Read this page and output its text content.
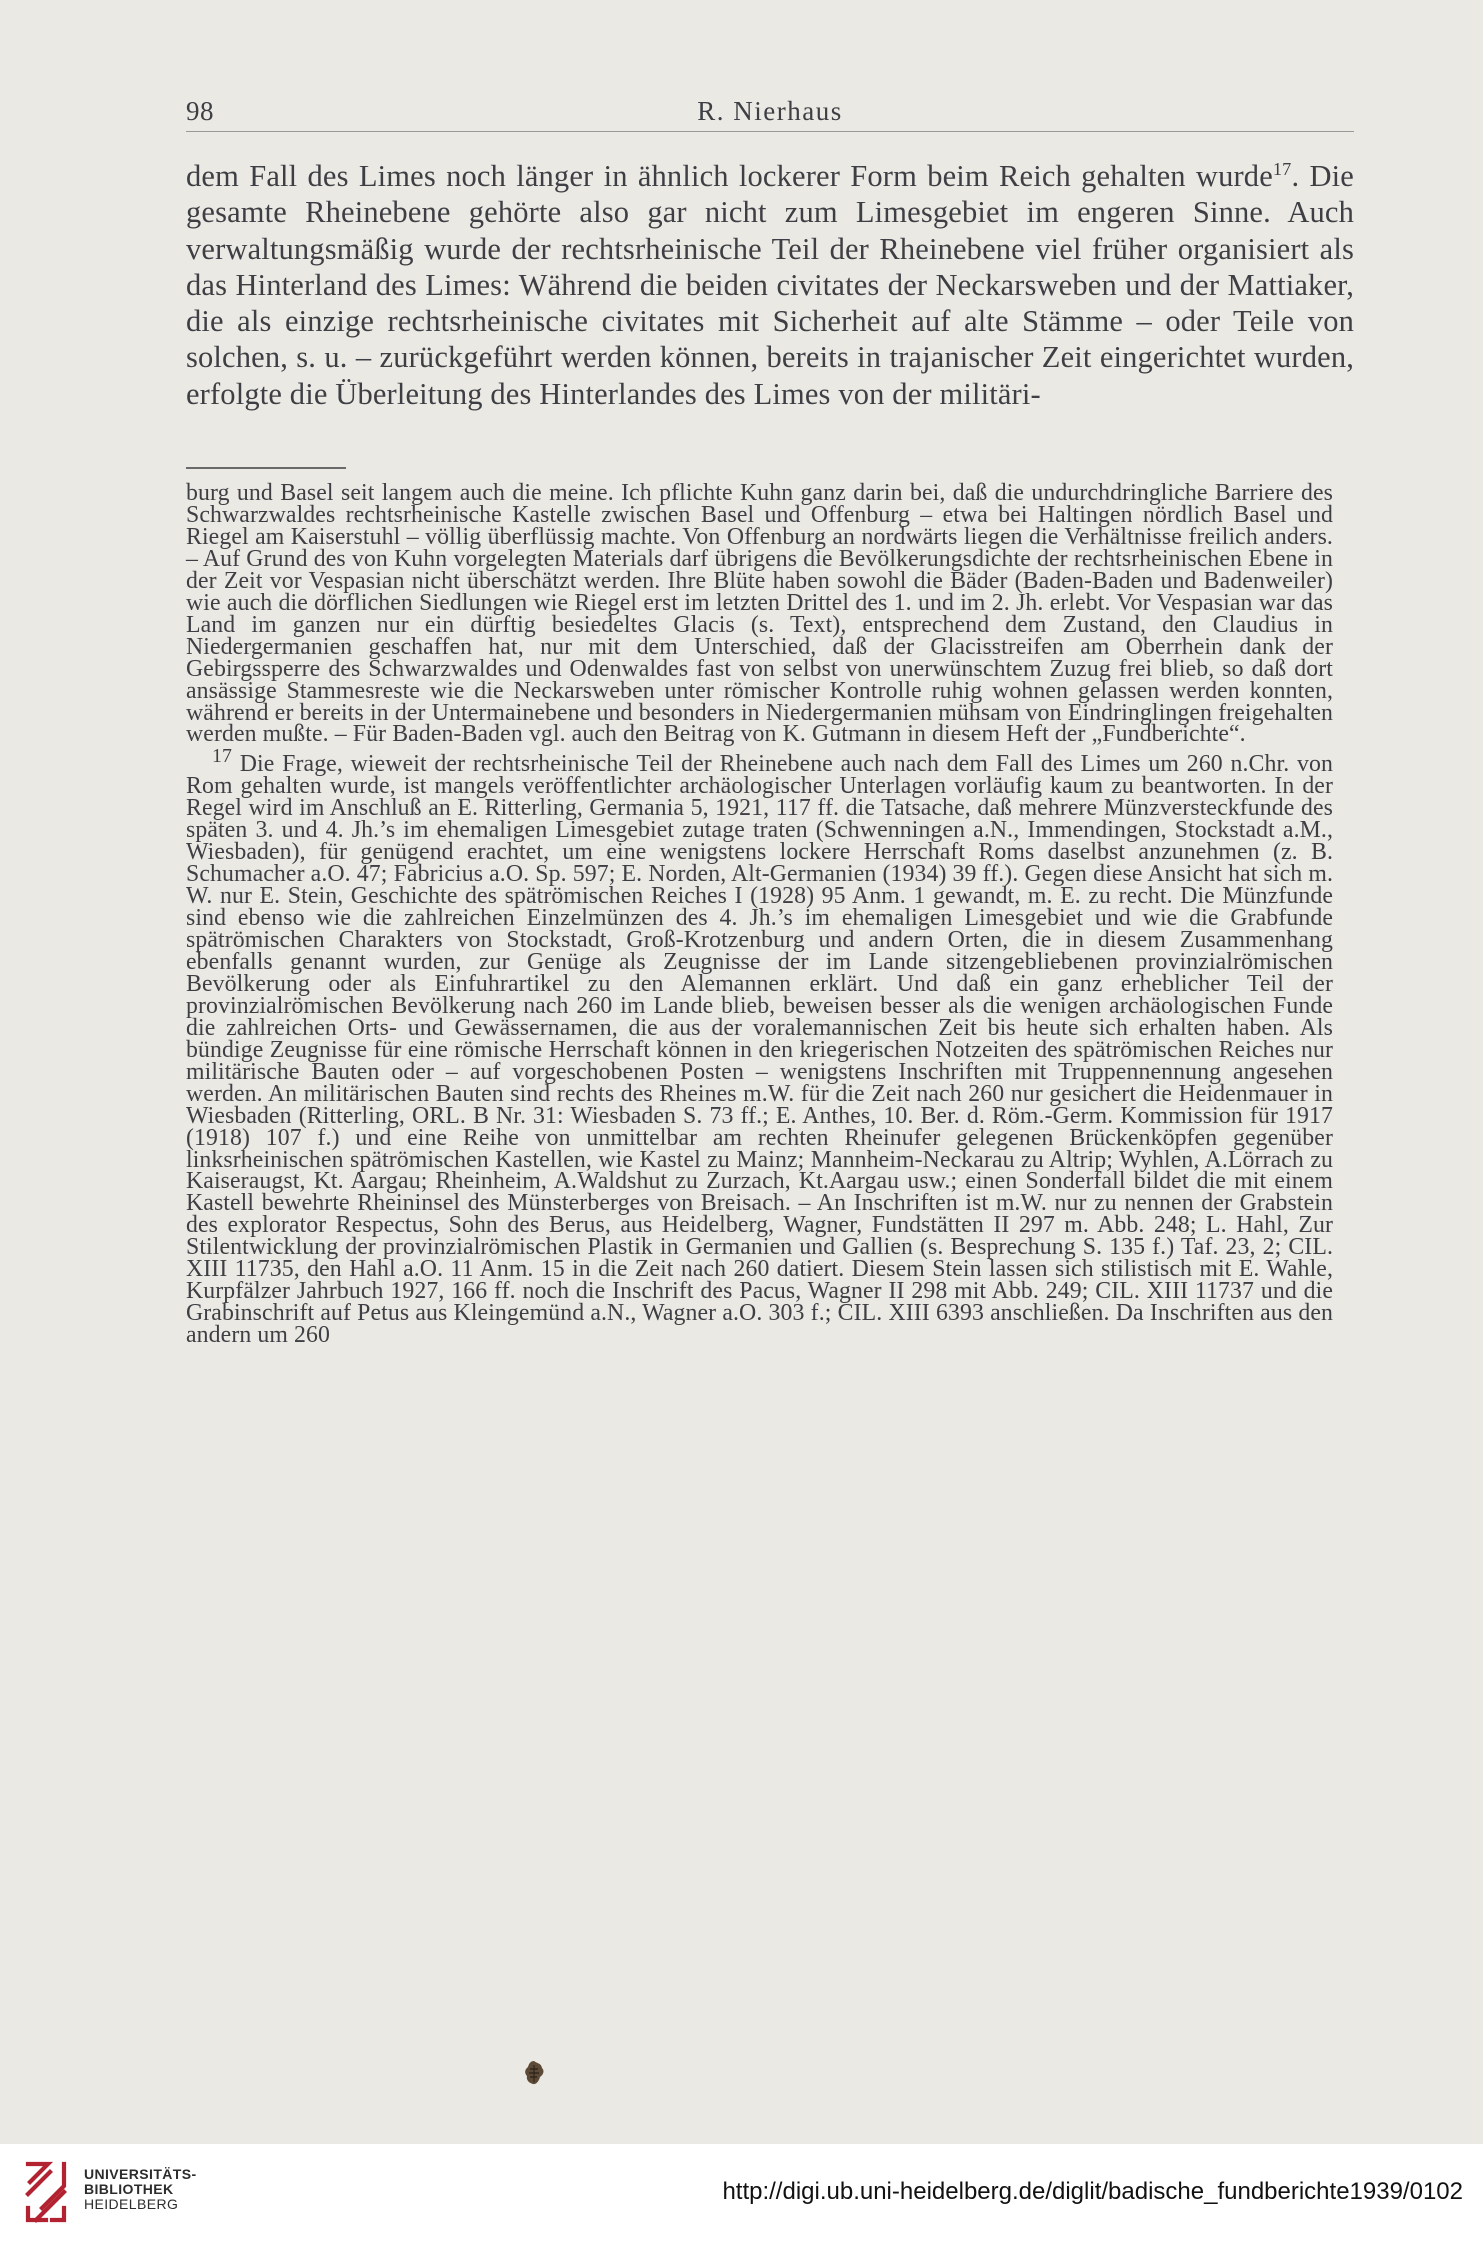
98	R. Nierhaus
dem Fall des Limes noch länger in ähnlich lockerer Form beim Reich gehalten wurde$^{17}$. Die gesamte Rheinebene gehörte also gar nicht zum Limesgebiet im engeren Sinne. Auch verwaltungsmäßig wurde der rechtsrheinische Teil der Rheinebene viel früher organisiert als das Hinterland des Limes: Während die beiden civitates der Neckarsweben und der Mattiaker, die als einzige rechtsrheinische civitates mit Sicherheit auf alte Stämme – oder Teile von solchen, s. u. – zurückgeführt werden können, bereits in trajanischer Zeit eingerichtet wurden, erfolgte die Überleitung des Hinterlandes des Limes von der militäri-

burg und Basel seit langem auch die meine. Ich pflichte Kuhn ganz darin bei, daß die undurchdringliche Barriere des Schwarzwaldes rechtsrheinische Kastelle zwischen Basel und Offenburg – etwa bei Haltingen nördlich Basel und Riegel am Kaiserstuhl – völlig überflüssig machte. Von Offenburg an nordwärts liegen die Verhältnisse freilich anders. – Auf Grund des von Kuhn vorgelegten Materials darf übrigens die Bevölkerungsdichte der rechtsrheinischen Ebene in der Zeit vor Vespasian nicht überschätzt werden. Ihre Blüte haben sowohl die Bäder (Baden-Baden und Badenweiler) wie auch die dörflichen Siedlungen wie Riegel erst im letzten Drittel des 1. und im 2. Jh. erlebt. Vor Vespasian war das Land im ganzen nur ein dürftig besiedeltes Glacis (s. Text), entsprechend dem Zustand, den Claudius in Niedergermanien geschaffen hat, nur mit dem Unterschied, daß der Glacisstreifen am Oberrhein dank der Gebirgssperre des Schwarzwaldes und Odenwaldes fast von selbst von unerwünschtem Zuzug frei blieb, so daß dort ansässige Stammesreste wie die Neckarsweben unter römischer Kontrolle ruhig wohnen gelassen werden konnten, während er bereits in der Untermainebene und besonders in Niedergermanien mühsam von Eindringlingen freigehalten werden mußte. – Für Baden-Baden vgl. auch den Beitrag von K. Gutmann in diesem Heft der „Fundberichte“.

$^{17}$ Die Frage, wieweit der rechtsrheinische Teil der Rheinebene auch nach dem Fall des Limes um 260 n.Chr. von Rom gehalten wurde, ist mangels veröffentlichter archäologischer Unterlagen vorläufig kaum zu beantworten. In der Regel wird im Anschluß an E. Ritterling, Germania 5, 1921, 117 ff. die Tatsache, daß mehrere Münzversteckfunde des späten 3. und 4. Jh.’s im ehemaligen Limesgebiet zutage traten (Schwenningen a.N., Immendingen, Stockstadt a.M., Wiesbaden), für genügend erachtet, um eine wenigstens lockere Herrschaft Roms daselbst anzunehmen (z. B. Schumacher a.O. 47; Fabricius a.O. Sp. 597; E. Norden, Alt-Germanien (1934) 39 ff.). Gegen diese Ansicht hat sich m. W. nur E. Stein, Geschichte des spätrömischen Reiches I (1928) 95 Anm. 1 gewandt, m. E. zu recht. Die Münzfunde sind ebenso wie die zahlreichen Einzelmünzen des 4. Jh.’s im ehemaligen Limesgebiet und wie die Grabfunde spätrömischen Charakters von Stockstadt, Groß-Krotzenburg und andern Orten, die in diesem Zusammenhang ebenfalls genannt wurden, zur Genüge als Zeugnisse der im Lande sitzengebliebenen provinzialrömischen Bevölkerung oder als Einfuhrartikel zu den Alemannen erklärt. Und daß ein ganz erheblicher Teil der provinzialrömischen Bevölkerung nach 260 im Lande blieb, beweisen besser als die wenigen archäologischen Funde die zahlreichen Orts- und Gewässernamen, die aus der voralemannischen Zeit bis heute sich erhalten haben. Als bündige Zeugnisse für eine römische Herrschaft können in den kriegerischen Notzeiten des spätrömischen Reiches nur militärische Bauten oder – auf vorgeschobenen Posten – wenigstens Inschriften mit Truppennennung angesehen werden. An militärischen Bauten sind rechts des Rheines m.W. für die Zeit nach 260 nur gesichert die Heidenmauer in Wiesbaden (Ritterling, ORL. B Nr. 31: Wiesbaden S. 73 ff.; E. Anthes, 10. Ber. d. Röm.-Germ. Kommission für 1917 (1918) 107 f.) und eine Reihe von unmittelbar am rechten Rheinufer gelegenen Brückenköpfen gegenüber linksrheinischen spätrömischen Kastellen, wie Kastel zu Mainz; Mannheim-Neckarau zu Altrip; Wyhlen, A.Lörrach zu Kaiseraugst, Kt. Aargau; Rheinheim, A.Waldshut zu Zurzach, Kt.Aargau usw.; einen Sonderfall bildet die mit einem Kastell bewehrte Rheininsel des Münsterberges von Breisach. – An Inschriften ist m.W. nur zu nennen der Grabstein des explorator Respectus, Sohn des Berus, aus Heidelberg, Wagner, Fundstätten II 297 m. Abb. 248; L. Hahl, Zur Stilentwicklung der provinzialrömischen Plastik in Germanien und Gallien (s. Besprechung S. 135 f.) Taf. 23, 2; CIL. XIII 11735, den Hahl a.O. 11 Anm. 15 in die Zeit nach 260 datiert. Diesem Stein lassen sich stilistisch mit E. Wahle, Kurpfälzer Jahrbuch 1927, 166 ff. noch die Inschrift des Pacus, Wagner II 298 mit Abb. 249; CIL. XIII 11737 und die Grabinschrift auf Petus aus Kleingemünd a.N., Wagner a.O. 303 f.; CIL. XIII 6393 anschließen. Da Inschriften aus den andern um 260

UNIVERSITÄTS-
BIBLIOTHEK
HEIDELBERG	http://digi.ub.uni-heidelberg.de/diglit/badische_fundberichte1939/0102
